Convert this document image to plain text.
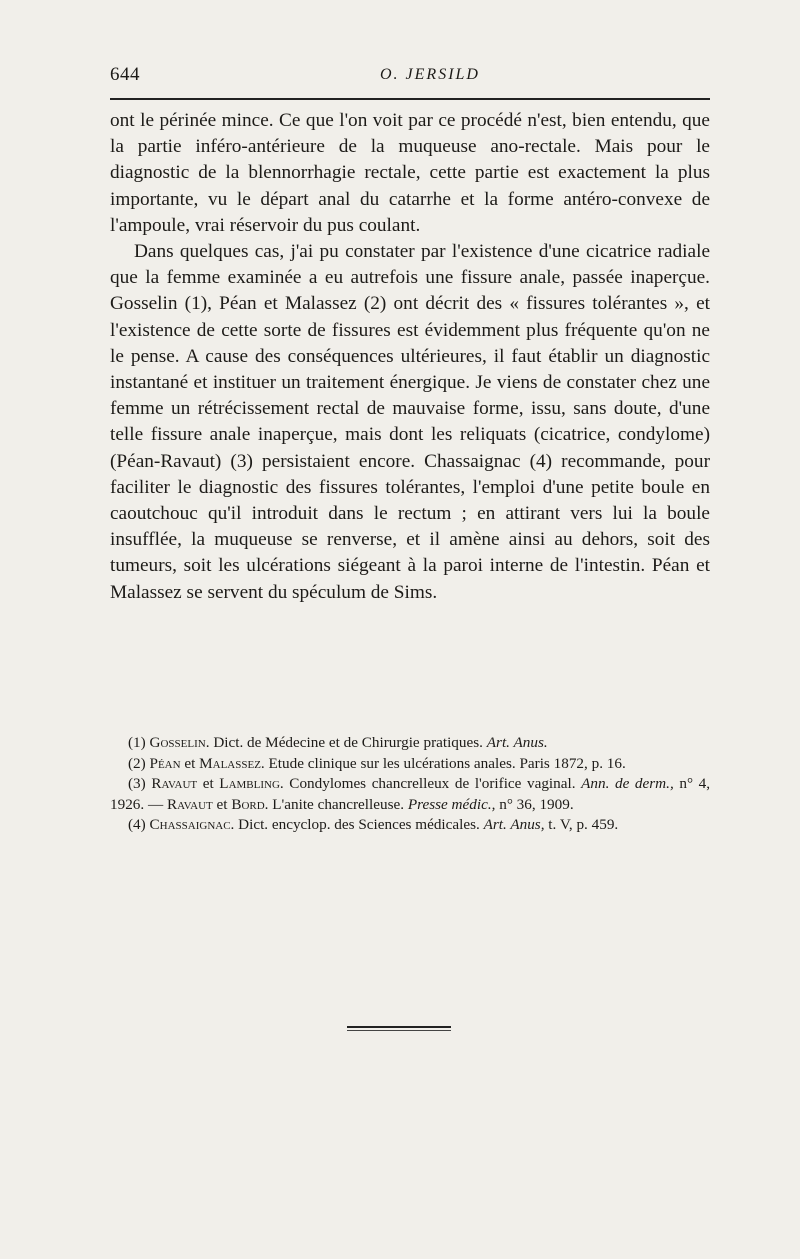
644	O. JERSILD

ont le périnée mince. Ce que l'on voit par ce procédé n'est, bien entendu, que la partie inféro-antérieure de la muqueuse ano-rectale. Mais pour le diagnostic de la blennorrhagie rectale, cette partie est exactement la plus importante, vu le départ anal du catarrhe et la forme antéro-convexe de l'ampoule, vrai réservoir du pus coulant.

Dans quelques cas, j'ai pu constater par l'existence d'une cicatrice radiale que la femme examinée a eu autrefois une fissure anale, passée inaperçue. Gosselin (1), Péan et Malassez (2) ont décrit des « fissures tolérantes », et l'existence de cette sorte de fissures est évidemment plus fréquente qu'on ne le pense. A cause des conséquences ultérieures, il faut établir un diagnostic instantané et instituer un traitement énergique. Je viens de constater chez une femme un rétrécissement rectal de mauvaise forme, issu, sans doute, d'une telle fissure anale inaperçue, mais dont les reliquats (cicatrice, condylome) (Péan-Ravaut) (3) persistaient encore. Chassaignac (4) recommande, pour faciliter le diagnostic des fissures tolérantes, l'emploi d'une petite boule en caoutchouc qu'il introduit dans le rectum ; en attirant vers lui la boule insufflée, la muqueuse se renverse, et il amène ainsi au dehors, soit des tumeurs, soit les ulcérations siégeant à la paroi interne de l'intestin. Péan et Malassez se servent du spéculum de Sims.

(1) Gosselin. Dict. de Médecine et de Chirurgie pratiques. Art. Anus.

(2) Péan et Malassez. Etude clinique sur les ulcérations anales. Paris 1872, p. 16.

(3) Ravaut et Lambling. Condylomes chancrelleux de l'orifice vaginal. Ann. de derm., n° 4, 1926. — Ravaut et Bord. L'anite chancrelleuse. Presse médic., n° 36, 1909.

(4) Chassaignac. Dict. encyclop. des Sciences médicales. Art. Anus, t. V, p. 459.
